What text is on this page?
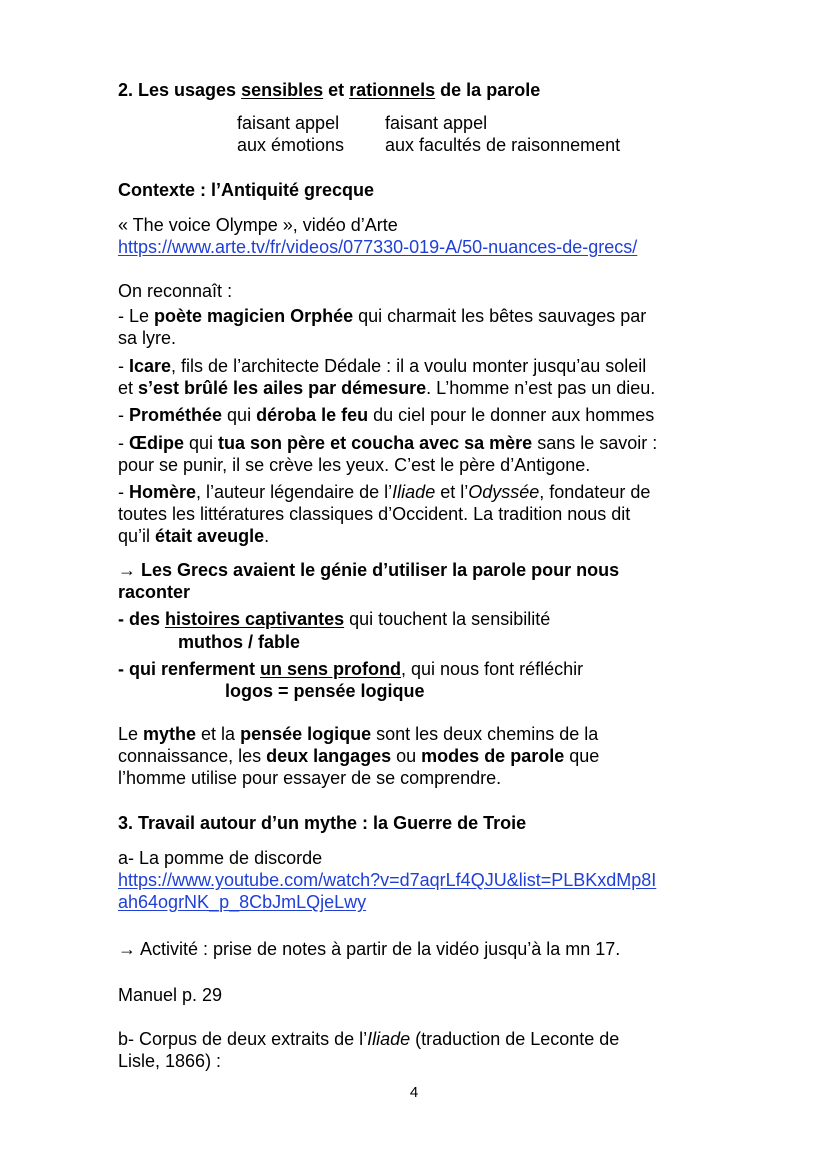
2. Les usages sensibles et rationnels de la parole
faisant appel
aux émotions
faisant appel
aux facultés de raisonnement
Contexte : l’Antiquité grecque
« The voice Olympe », vidéo d’Arte
https://www.arte.tv/fr/videos/077330-019-A/50-nuances-de-grecs/
On reconnaît :
- Le poète magicien Orphée qui charmait les bêtes sauvages par
sa lyre.
- Icare, fils de l’architecte Dédale : il a voulu monter jusqu’au soleil
et s’est brûlé les ailes par démesure. L’homme n’est pas un dieu.
- Prométhée qui déroba le feu du ciel pour le donner aux hommes
- Œdipe qui tua son père et coucha avec sa mère sans le savoir :
pour se punir, il se crève les yeux. C’est le père d’Antigone.
- Homère, l’auteur légendaire de l’Iliade et l’Odyssée, fondateur de
toutes les littératures classiques d’Occident. La tradition nous dit
qu’il était aveugle.
→ Les Grecs avaient le génie d’utiliser la parole pour nous
raconter
- des histoires captivantes qui touchent la sensibilité
muthos / fable
- qui renferment un sens profond, qui nous font réfléchir
logos = pensée logique
Le mythe et la pensée logique sont les deux chemins de la
connaissance, les deux langages ou modes de parole que
l’homme utilise pour essayer de se comprendre.
3. Travail autour d’un mythe : la Guerre de Troie
a- La pomme de discorde
https://www.youtube.com/watch?v=d7aqrLf4QJU&list=PLBKxdMp8I
ah64ogrNK_p_8CbJmLQjeLwy
→ Activité : prise de notes à partir de la vidéo jusqu’à la mn 17.
Manuel p. 29
b- Corpus de deux extraits de l’Iliade (traduction de Leconte de
Lisle, 1866) :
4
